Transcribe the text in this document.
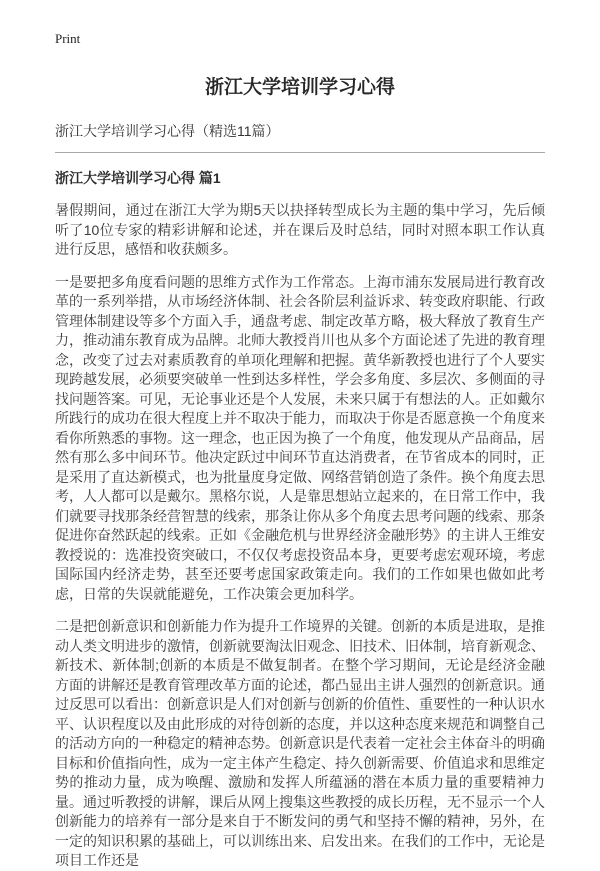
Print
浙江大学培训学习心得
浙江大学培训学习心得（精选11篇）
浙江大学培训学习心得 篇1

暑假期间，通过在浙江大学为期5天以抉择转型成长为主题的集中学习，先后倾听了10位专家的精彩讲解和论述，并在课后及时总结，同时对照本职工作认真进行反思，感悟和收获颇多。

一是要把多角度看问题的思维方式作为工作常态。上海市浦东发展局进行教育改革的一系列举措，从市场经济体制、社会各阶层利益诉求、转变政府职能、行政管理体制建设等多个方面入手，通盘考虑、制定改革方略，极大释放了教育生产力，推动浦东教育成为品牌。北师大教授肖川也从多个方面论述了先进的教育理念，改变了过去对素质教育的单项化理解和把握。黄华新教授也进行了个人要实现跨越发展，必须要突破单一性到达多样性，学会多角度、多层次、多侧面的寻找问题答案。可见，无论事业还是个人发展，未来只属于有想法的人。正如戴尔所践行的成功在很大程度上并不取决于能力，而取决于你是否愿意换一个角度来看你所熟悉的事物。这一理念，也正因为换了一个角度，他发现从产品商品，居然有那么多中间环节。他决定跃过中间环节直达消费者，在节省成本的同时，正是采用了直达新模式，也为批量度身定做、网络营销创造了条件。换个角度去思考，人人都可以是戴尔。黑格尔说，人是靠思想站立起来的，在日常工作中，我们就要寻找那条经营智慧的线索，那条让你从多个角度去思考问题的线索、那条促进你奋然跃起的线索。正如《金融危机与世界经济金融形势》的主讲人王维安教授说的：选准投资突破口，不仅仅考虑投资品本身，更要考虑宏观环境，考虑国际国内经济走势，甚至还要考虑国家政策走向。我们的工作如果也做如此考虑，日常的失误就能避免，工作决策会更加科学。

二是把创新意识和创新能力作为提升工作境界的关键。创新的本质是进取，是推动人类文明进步的激情，创新就要淘汰旧观念、旧技术、旧体制，培育新观念、新技术、新体制;创新的本质是不做复制者。在整个学习期间，无论是经济金融方面的讲解还是教育管理改革方面的论述，都凸显出主讲人强烈的创新意识。通过反思可以看出：创新意识是人们对创新与创新的价值性、重要性的一种认识水平、认识程度以及由此形成的对待创新的态度，并以这种态度来规范和调整自己的活动方向的一种稳定的精神态势。创新意识是代表着一定社会主体奋斗的明确目标和价值指向性，成为一定主体产生稳定、持久创新需要、价值追求和思维定势的推动力量，成为唤醒、激励和发挥人所蕴涵的潜在本质力量的重要精神力量。通过听教授的讲解，课后从网上搜集这些教授的成长历程，无不显示一个人创新能力的培养有一部分是来自于不断发问的勇气和坚持不懈的精神，另外，在一定的知识积累的基础上，可以训练出来、启发出来。在我们的工作中，无论是项目工作还是
